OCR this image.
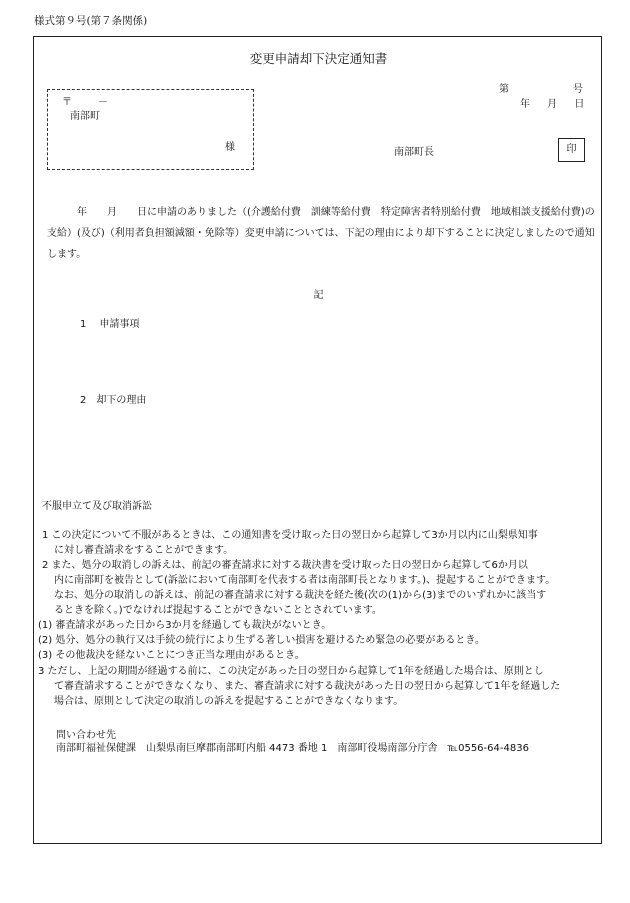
様式第９号(第７条関係)
変更申請却下決定通知書
〒	－
南部町
様
第	号
年 月 日
南部町長	印
年　　月　　日に申請のありました（(介護給付費　訓練等給付費　特定障害者特別給付費　地域相談支援給付費)の支給）(及び)（利用者負担額減額・免除等）変更申請については、下記の理由により却下することに決定しましたので通知します。
記
1　 申請事項
2　却下の理由
不服申立て及び取消訴訟
1 この決定について不服があるときは、この通知書を受け取った日の翌日から起算して3か月以内に山梨県知事
に対し審査請求をすることができます。
2 また、処分の取消しの訴えは、前記の審査請求に対する裁決書を受け取った日の翌日から起算して6か月以
内に南部町を被告として(訴訟において南部町を代表する者は南部町長となります。)、提起することができます。
なお、処分の取消しの訴えは、前記の審査請求に対する裁決を経た後(次の(1)から(3)までのいずれかに該当す
るときを除く。)でなければ提起することができないこととされています。
(1) 審査請求があった日から3か月を経過しても裁決がないとき。
(2) 処分、処分の執行又は手続の続行により生ずる著しい損害を避けるため緊急の必要があるとき。
(3) その他裁決を経ないことにつき正当な理由があるとき。
3 ただし、上記の期間が経過する前に、この決定があった日の翌日から起算して1年を経過した場合は、原則とし
て審査請求することができなくなり、また、審査請求に対する裁決があった日の翌日から起算して1年を経過した
場合は、原則として決定の取消しの訴えを提起することができなくなります。
問い合わせ先
南部町福祉保健課　山梨県南巨摩郡南部町内船 4473 番地 1　南部町役場南部分庁舎　℡0556-64-4836
